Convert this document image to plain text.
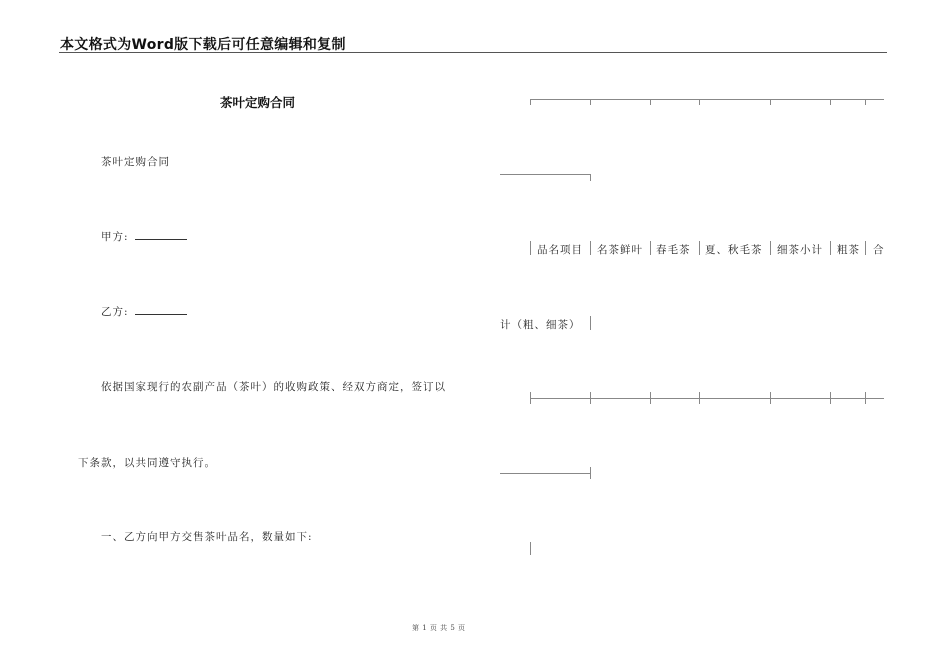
本文格式为Word版下载后可任意编辑和复制
茶叶定购合同
茶叶定购合同
甲方:
乙方:
依据国家现行的农副产品（茶叶）的收购政策、经双方商定，签订以
下条款，以共同遵守执行。
一、乙方向甲方交售茶叶品名，数量如下:
品名项目 名茶鲜叶 春毛茶 夏、秋毛茶 细茶小计 粗茶 合
计（粗、细茶）
第 1 页 共 5 页
